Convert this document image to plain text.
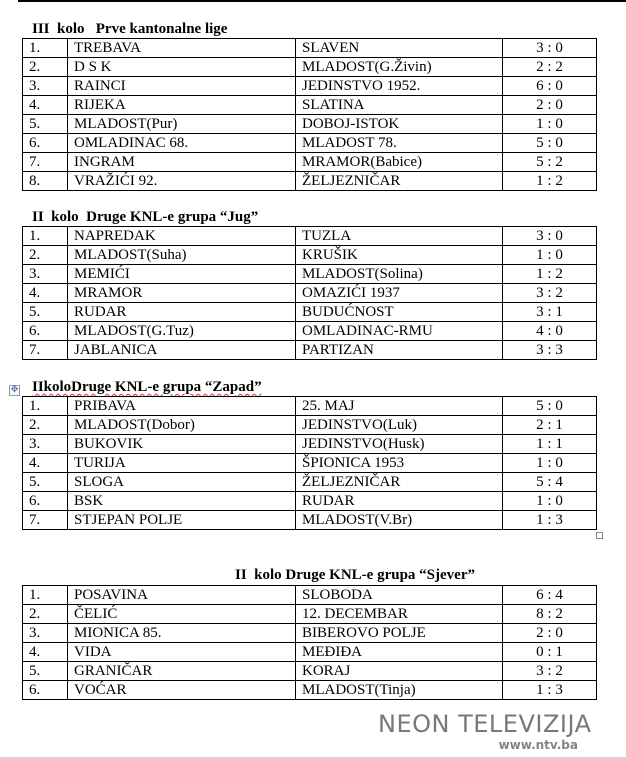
III  kolo   Prve kantonalne lige
1.	TREBAVA	SLAVEN	3 : 0
2.	D S K	MLADOST(G.Živin)	2 : 2
3.	RAINCI	JEDINSTVO 1952.	6 : 0
4.	RIJEKA	SLATINA	2 : 0
5.	MLADOST(Pur)	DOBOJ-ISTOK	1 : 0
6.	OMLADINAC 68.	MLADOST 78.	5 : 0
7.	INGRAM	MRAMOR(Babice)	5 : 2
8.	VRAŽIĆI 92.	ŽELJEZNIČAR	1 : 2
II  kolo  Druge KNL-e grupa “Jug”
1.	NAPREDAK	TUZLA	3 : 0
2.	MLADOST(Suha)	KRUŠIK	1 : 0
3.	MEMIĆI	MLADOST(Solina)	1 : 2
4.	MRAMOR	OMAZIĆI 1937	3 : 2
5.	RUDAR	BUDUĆNOST	3 : 1
6.	MLADOST(G.Tuz)	OMLADINAC-RMU	4 : 0
7.	JABLANICA	PARTIZAN	3 : 3
✥ IIkoloDruge KNL-e grupa “Zapad”
1.	PRIBAVA	25. MAJ	5 : 0
2.	MLADOST(Dobor)	JEDINSTVO(Luk)	2 : 1
3.	BUKOVIK	JEDINSTVO(Husk)	1 : 1
4.	TURIJA	ŠPIONICA 1953	1 : 0
5.	SLOGA	ŽELJEZNIČAR	5 : 4
6.	BSK	RUDAR	1 : 0
7.	STJEPAN POLJE	MLADOST(V.Br)	1 : 3
II  kolo Druge KNL-e grupa “Sjever”
1.	POSAVINA	SLOBODA	6 : 4
2.	ČELIĆ	12. DECEMBAR	8 : 2
3.	MIONICA 85.	BIBEROVO POLJE	2 : 0
4.	VIDA	MEĐIĐA	0 : 1
5.	GRANIČAR	KORAJ	3 : 2
6.	VOĆAR	MLADOST(Tinja)	1 : 3
NEON TELEVIZIJA
www.ntv.ba
